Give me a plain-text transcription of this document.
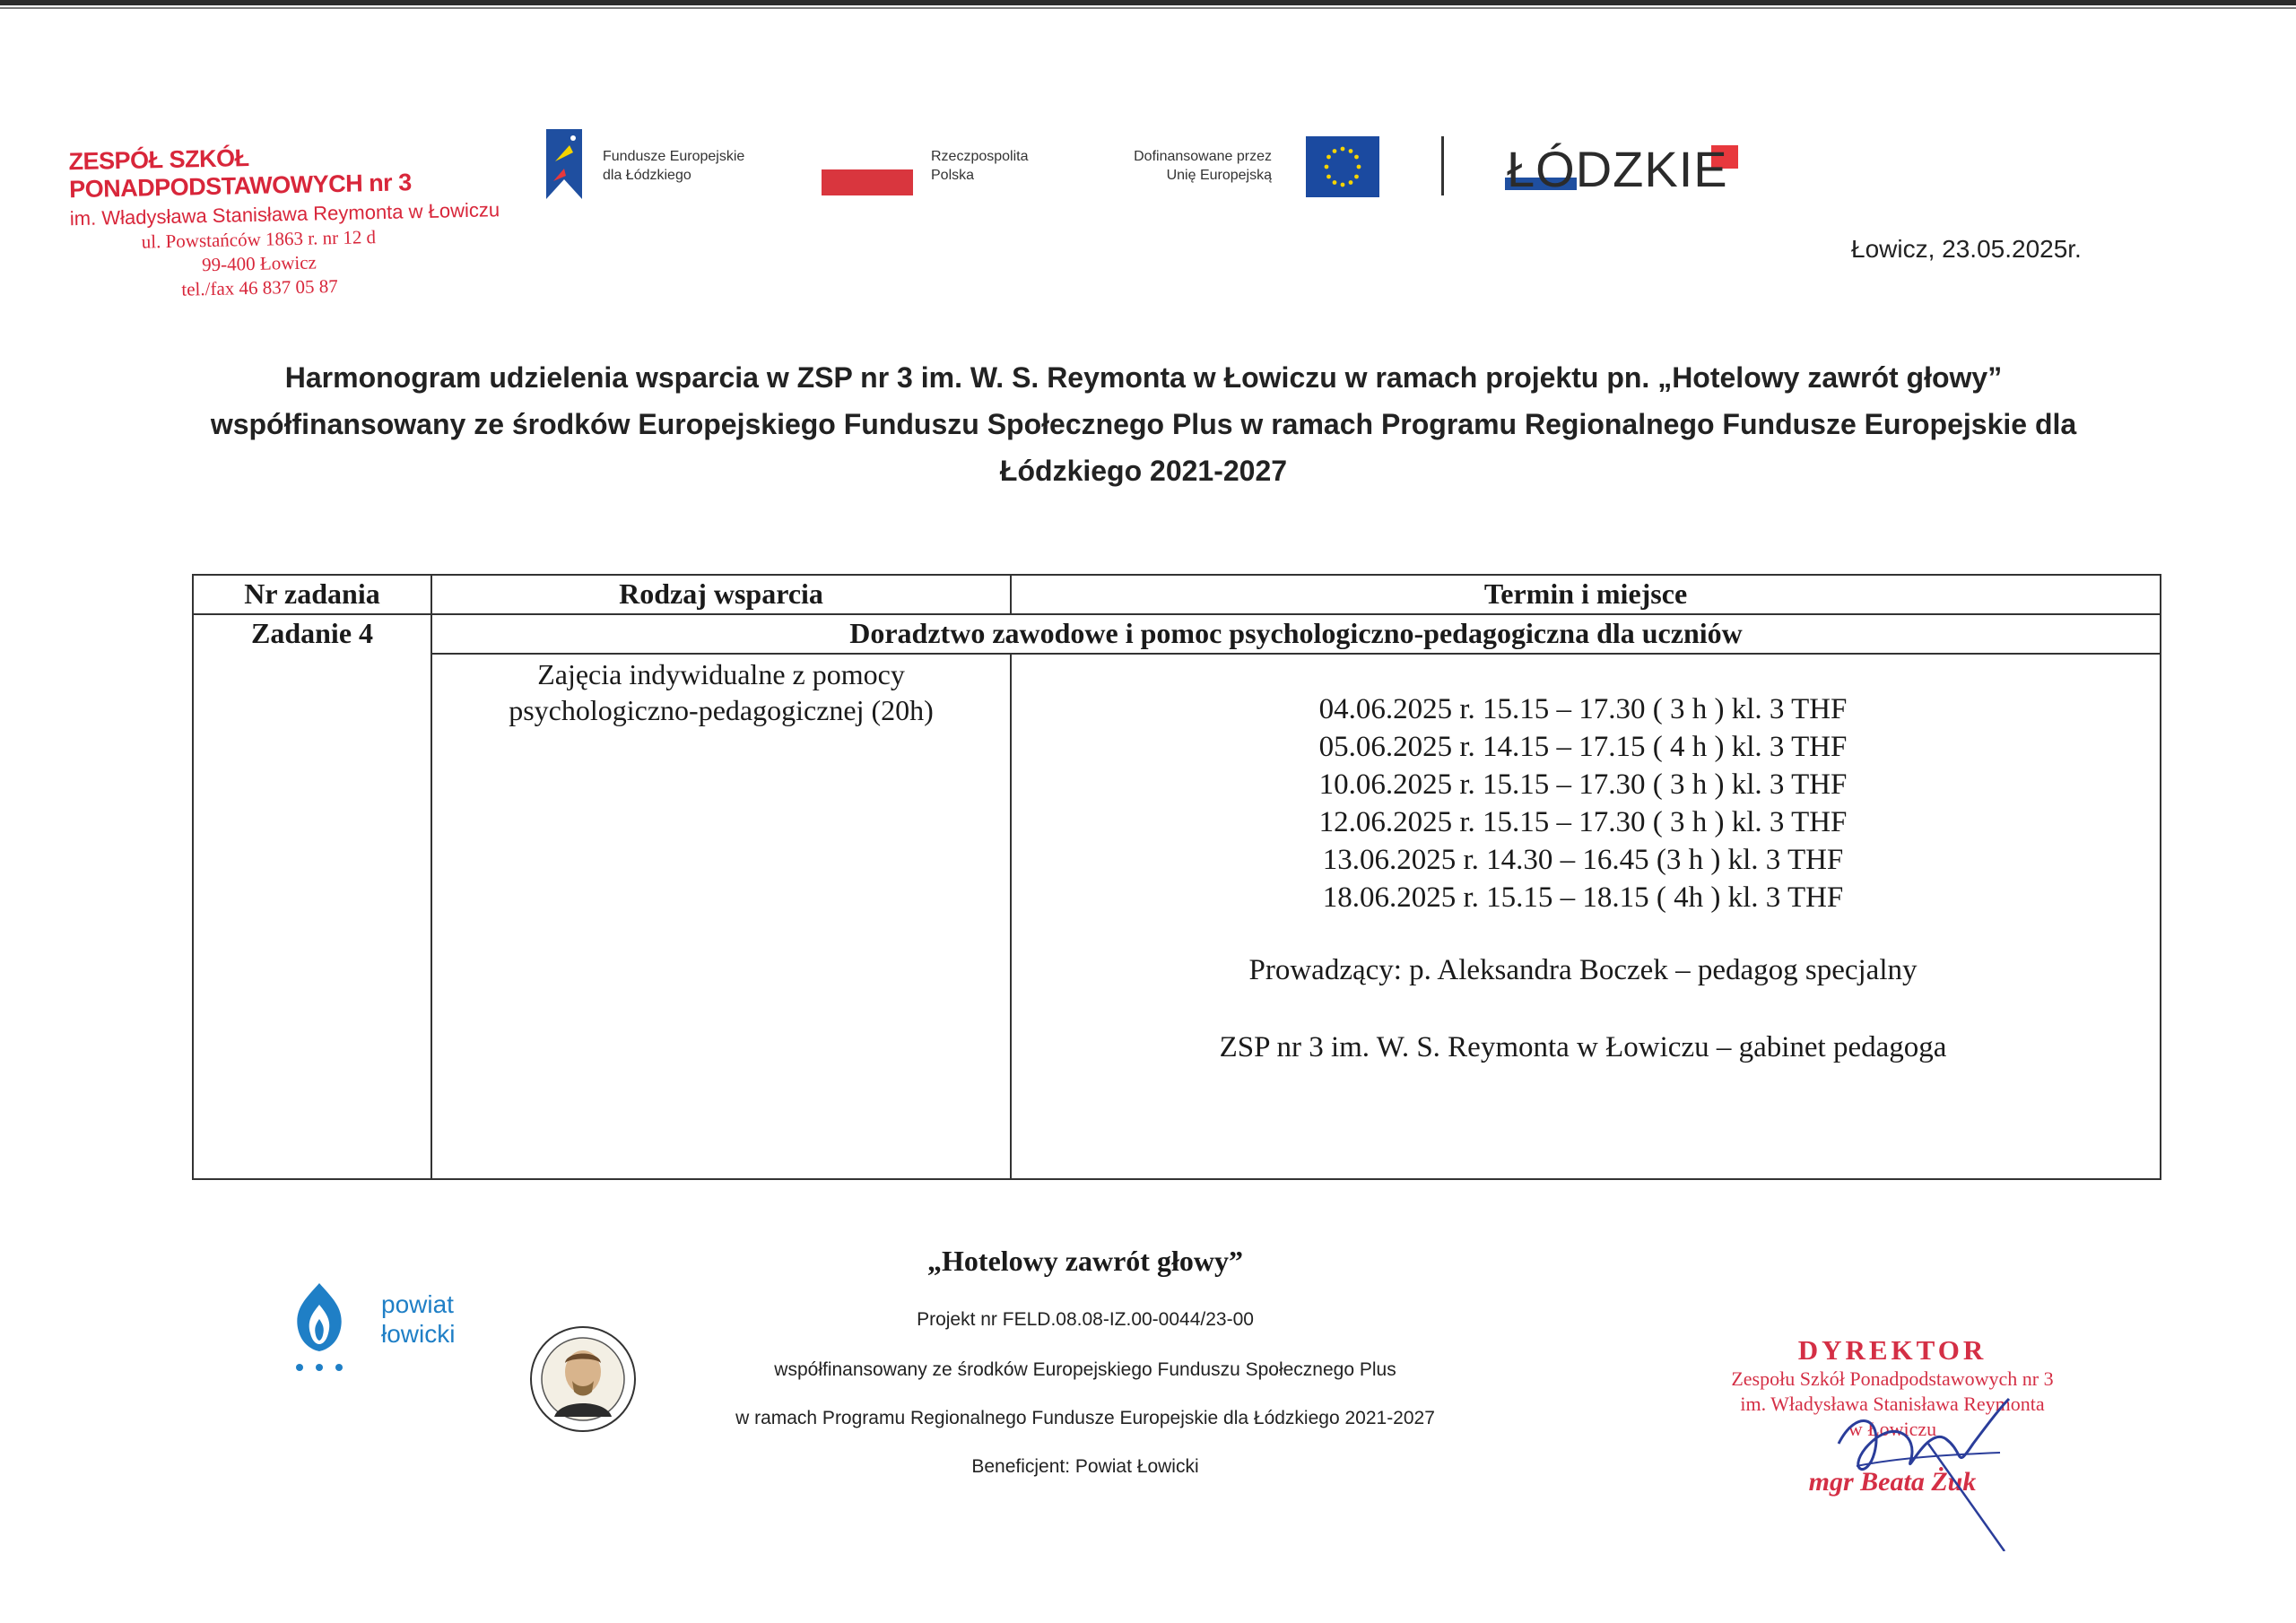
ZESPÓŁ SZKÓŁ PONADPODSTAWOWYCH nr 3
im. Władysława Stanisława Reymonta w Łowiczu
ul. Powstańców 1863 r. nr 12 d
99-400 Łowicz
tel./fax 46 837 05 87
Fundusze Europejskie
dla Łódzkiego
Rzeczpospolita
Polska
Dofinansowane przez
Unię Europejską	ŁÓDZKIE
Łowicz, 23.05.2025r.
Harmonogram udzielenia wsparcia w ZSP nr 3 im. W. S. Reymonta w Łowiczu w ramach projektu pn. „Hotelowy zawrót głowy”
współfinansowany ze środków Europejskiego Funduszu Społecznego Plus w ramach Programu Regionalnego Fundusze Europejskie dla
Łódzkiego 2021-2027
Nr zadania	Rodzaj wsparcia	Termin i miejsce
Zadanie 4	Doradztwo zawodowe i pomoc psychologiczno-pedagogiczna dla uczniów
Zajęcia indywidualne z pomocy
psychologiczno-pedagogicznej (20h)	04.06.2025 r. 15.15 – 17.30 ( 3 h ) kl. 3 THF
05.06.2025 r. 14.15 – 17.15 ( 4 h ) kl. 3 THF
10.06.2025 r. 15.15 – 17.30 ( 3 h ) kl. 3 THF
12.06.2025 r. 15.15 – 17.30 ( 3 h ) kl. 3 THF
13.06.2025 r. 14.30 – 16.45 (3 h ) kl. 3 THF
18.06.2025 r. 15.15 – 18.15 ( 4h ) kl. 3 THF
Prowadzący: p. Aleksandra Boczek – pedagog specjalny
ZSP nr 3 im. W. S. Reymonta w Łowiczu – gabinet pedagoga
powiat
łowicki
„Hotelowy zawrót głowy”
Projekt nr FELD.08.08-IZ.00-0044/23-00
współfinansowany ze środków Europejskiego Funduszu Społecznego Plus
w ramach Programu Regionalnego Fundusze Europejskie dla Łódzkiego 2021-2027
Beneficjent: Powiat Łowicki
DYREKTOR
Zespołu Szkół Ponadpodstawowych nr 3
im. Władysława Stanisława Reymonta
w Łowiczu
mgr Beata Żuk
